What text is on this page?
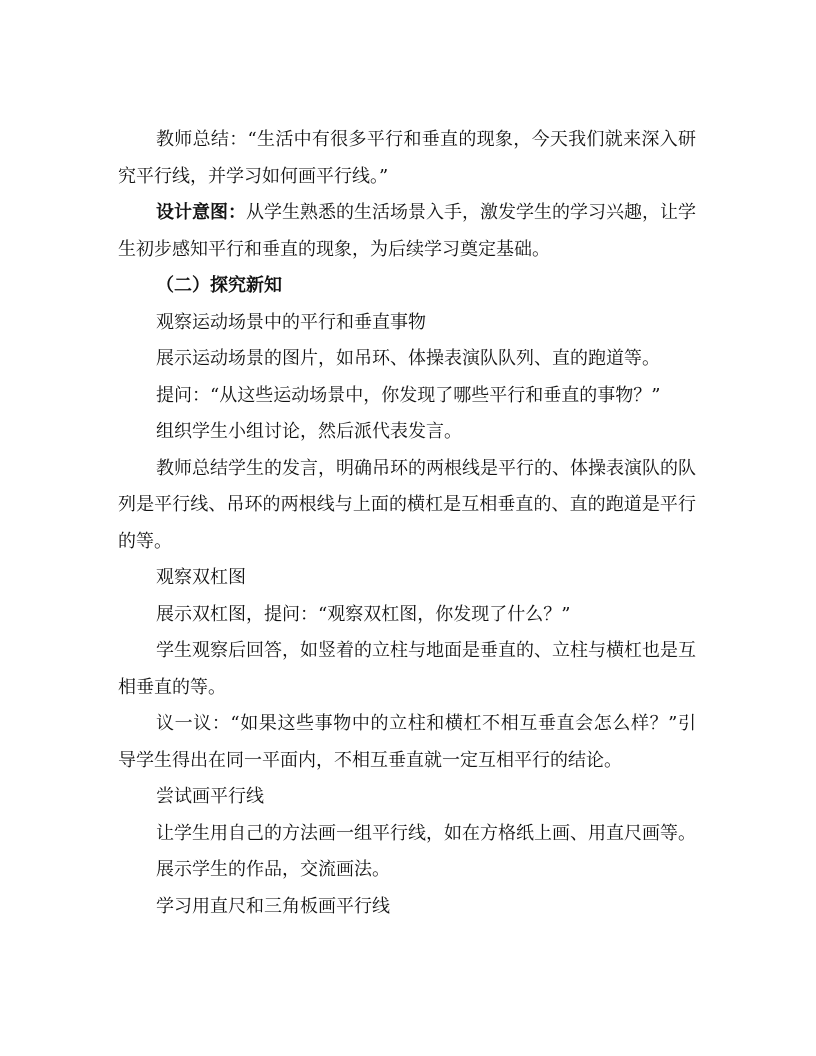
教师总结：“生活中有很多平行和垂直的现象，今天我们就来深入研究平行线，并学习如何画平行线。”

设计意图：从学生熟悉的生活场景入手，激发学生的学习兴趣，让学生初步感知平行和垂直的现象，为后续学习奠定基础。

（二）探究新知

观察运动场景中的平行和垂直事物

展示运动场景的图片，如吊环、体操表演队队列、直的跑道等。

提问：“从这些运动场景中，你发现了哪些平行和垂直的事物？”

组织学生小组讨论，然后派代表发言。

教师总结学生的发言，明确吊环的两根线是平行的、体操表演队的队列是平行线、吊环的两根线与上面的横杠是互相垂直的、直的跑道是平行的等。

观察双杠图

展示双杠图，提问：“观察双杠图，你发现了什么？”

学生观察后回答，如竖着的立柱与地面是垂直的、立柱与横杠也是互相垂直的等。

议一议：“如果这些事物中的立柱和横杠不相互垂直会怎么样？”引导学生得出在同一平面内，不相互垂直就一定互相平行的结论。

尝试画平行线

让学生用自己的方法画一组平行线，如在方格纸上画、用直尺画等。

展示学生的作品，交流画法。

学习用直尺和三角板画平行线
